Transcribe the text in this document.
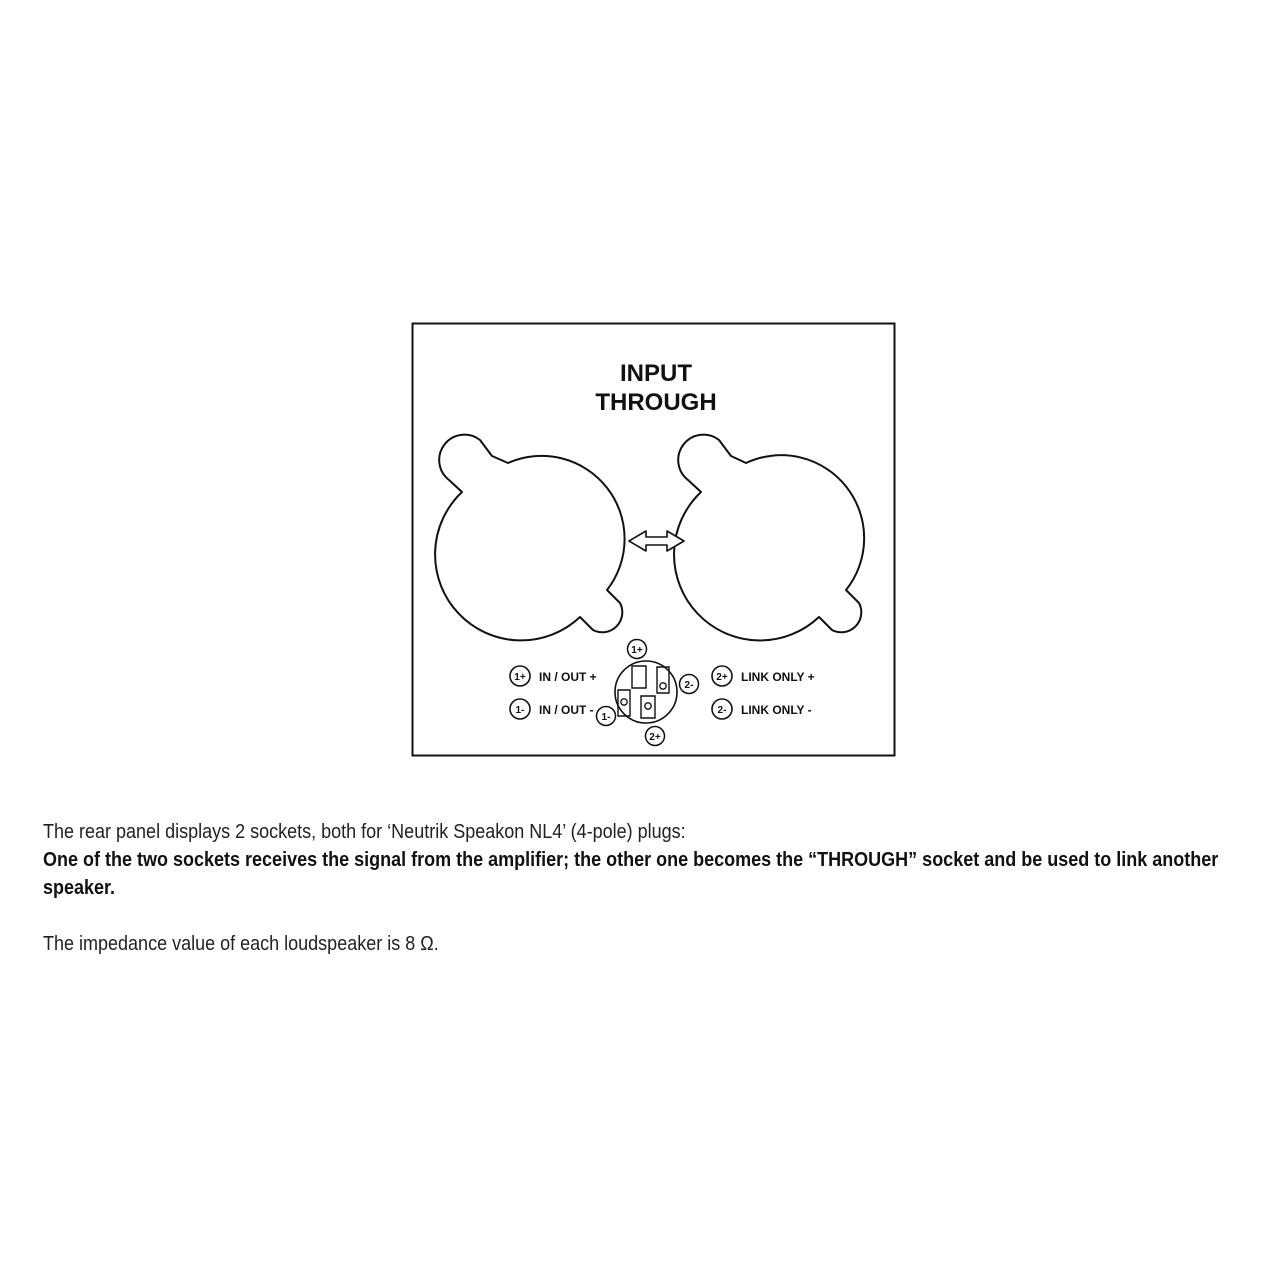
INPUT
THROUGH
1+ IN / OUT +
1- IN / OUT -
2+ LINK ONLY +
2- LINK ONLY -
1+
2-
1-
2+

The rear panel displays 2 sockets, both for ‘Neutrik Speakon NL4’ (4-pole) plugs:

One of the two sockets receives the signal from the amplifier; the other one becomes the “THROUGH” socket and be used to link another speaker.

The impedance value of each loudspeaker is 8 Ω.
